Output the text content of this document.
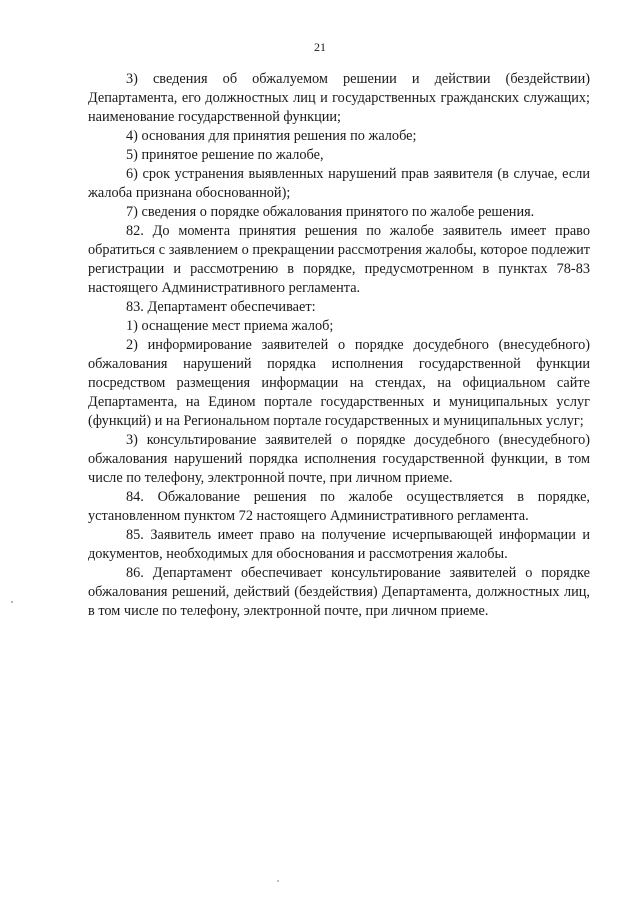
21

3) сведения об обжалуемом решении и действии (бездействии) Департамента, его должностных лиц и государственных гражданских служащих; наименование государственной функции;

4) основания для принятия решения по жалобе;

5) принятое решение по жалобе,

6) срок устранения выявленных нарушений прав заявителя (в случае, если жалоба признана обоснованной);

7) сведения о порядке обжалования принятого по жалобе решения.

82. До момента принятия решения по жалобе заявитель имеет право обратиться с заявлением о прекращении рассмотрения жалобы, которое подлежит регистрации и рассмотрению в порядке, предусмотренном в пунктах 78-83 настоящего Административного регламента.

83. Департамент обеспечивает:

1) оснащение мест приема жалоб;

2) информирование заявителей о порядке досудебного (внесудебного) обжалования нарушений порядка исполнения государственной функции посредством размещения информации на стендах, на официальном сайте Департамента, на Едином портале государственных и муниципальных услуг (функций) и на Региональном портале государственных и муниципальных услуг;

3) консультирование заявителей о порядке досудебного (внесудебного) обжалования нарушений порядка исполнения государственной функции, в том числе по телефону, электронной почте, при личном приеме.

84. Обжалование решения по жалобе осуществляется в порядке, установленном пунктом 72 настоящего Административного регламента.

85. Заявитель имеет право на получение исчерпывающей информации и документов, необходимых для обоснования и рассмотрения жалобы.

86. Департамент обеспечивает консультирование заявителей о порядке обжалования решений, действий (бездействия) Департамента, должностных лиц, в том числе по телефону, электронной почте, при личном приеме.
